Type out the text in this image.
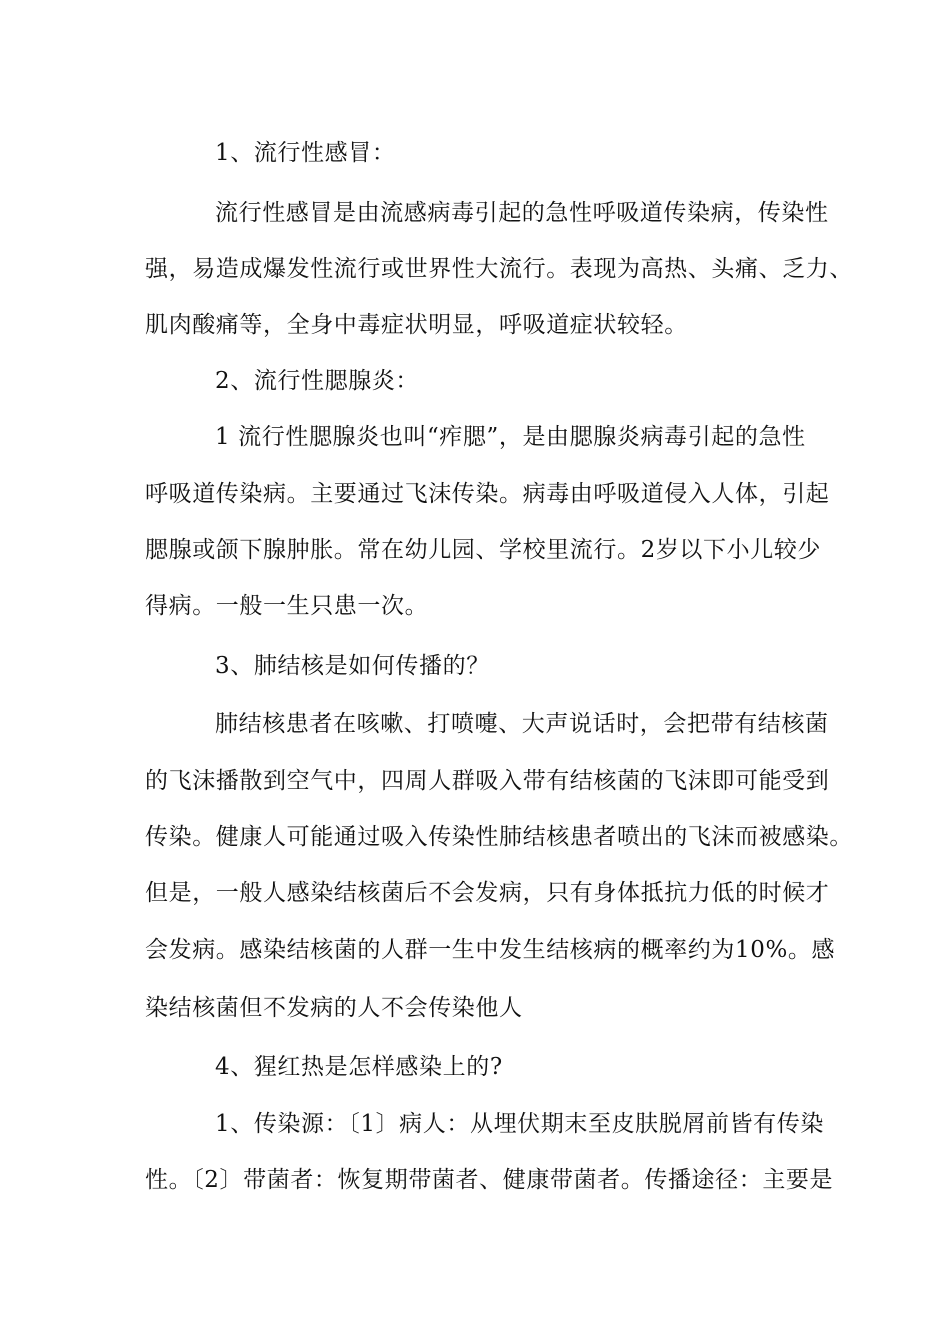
1、流行性感冒：
流行性感冒是由流感病毒引起的急性呼吸道传染病，传染性
强，易造成爆发性流行或世界性大流行。表现为高热、头痛、乏力、
肌肉酸痛等，全身中毒症状明显，呼吸道症状较轻。
2、流行性腮腺炎：
1 流行性腮腺炎也叫“痄腮”，是由腮腺炎病毒引起的急性
呼吸道传染病。主要通过飞沫传染。病毒由呼吸道侵入人体，引起
腮腺或颌下腺肿胀。常在幼儿园、学校里流行。2岁以下小儿较少
得病。一般一生只患一次。
3、肺结核是如何传播的？
肺结核患者在咳嗽、打喷嚏、大声说话时，会把带有结核菌
的飞沫播散到空气中，四周人群吸入带有结核菌的飞沫即可能受到
传染。健康人可能通过吸入传染性肺结核患者喷出的飞沫而被感染。
但是，一般人感染结核菌后不会发病，只有身体抵抗力低的时候才
会发病。感染结核菌的人群一生中发生结核病的概率约为10%。感
染结核菌但不发病的人不会传染他人
4、猩红热是怎样感染上的?
1、传染源：〔1〕病人：从埋伏期末至皮肤脱屑前皆有传染
性。〔2〕带菌者：恢复期带菌者、健康带菌者。传播途径：主要是
